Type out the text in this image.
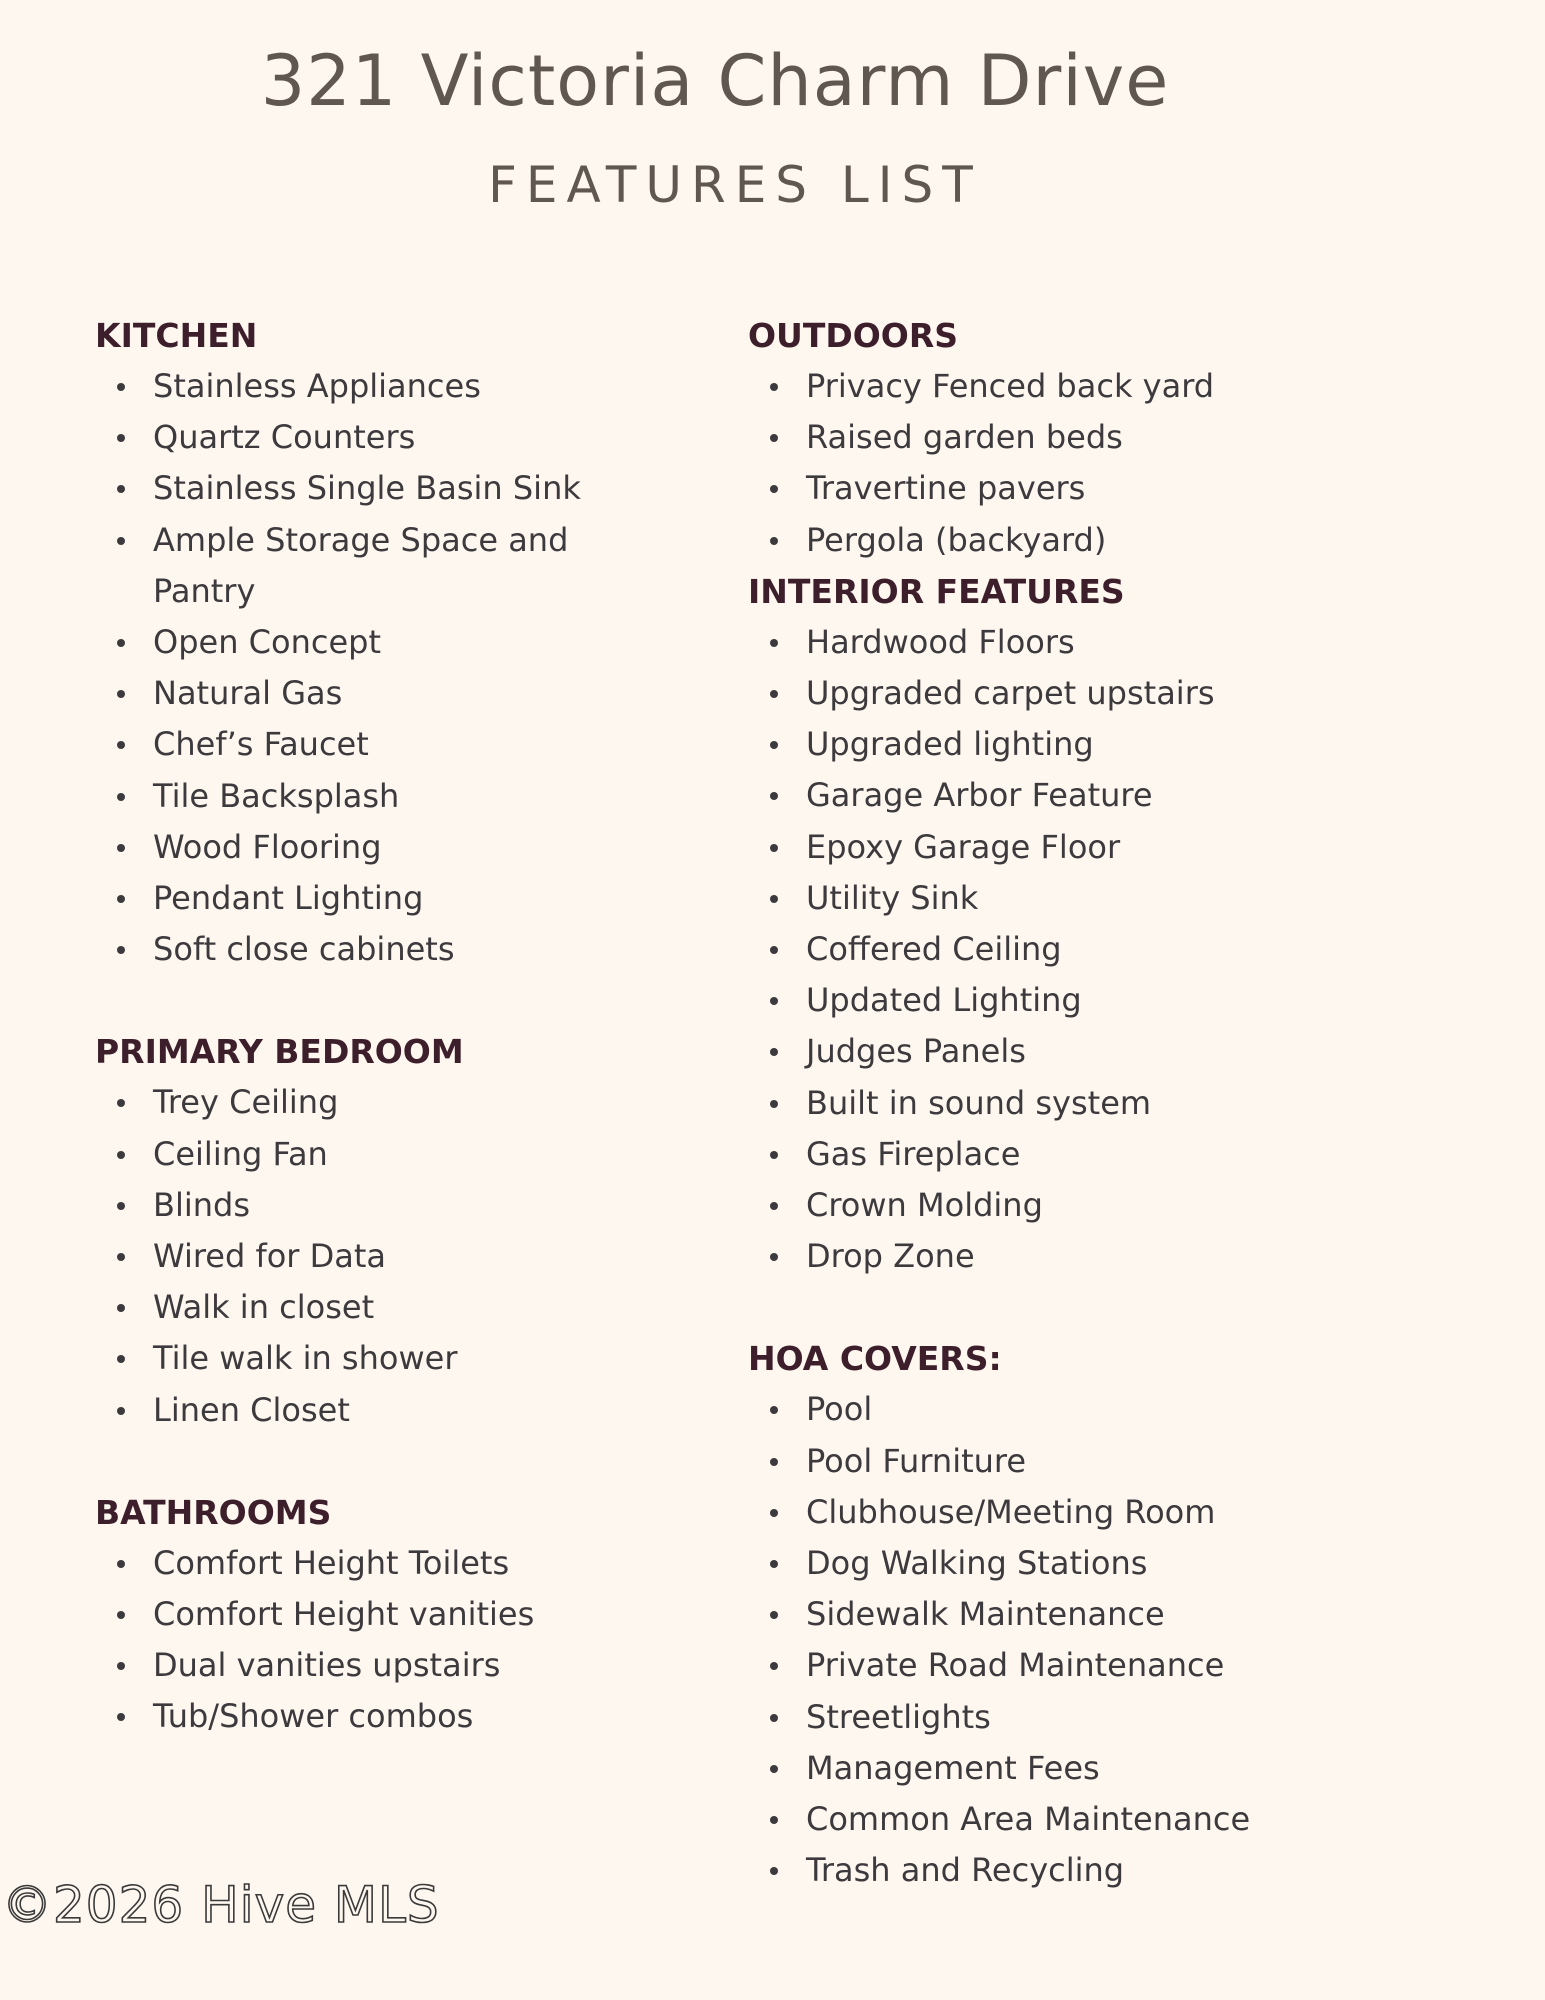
321 Victoria Charm Drive
FEATURES LIST
KITCHEN
Stainless Appliances
Quartz Counters
Stainless Single Basin Sink
Ample Storage Space and Pantry
Open Concept
Natural Gas
Chef’s Faucet
Tile Backsplash
Wood Flooring
Pendant Lighting
Soft close cabinets
PRIMARY BEDROOM
Trey Ceiling
Ceiling Fan
Blinds
Wired for Data
Walk in closet
Tile walk in shower
Linen Closet
BATHROOMS
Comfort Height Toilets
Comfort Height vanities
Dual vanities upstairs
Tub/Shower combos
OUTDOORS
Privacy Fenced back yard
Raised garden beds
Travertine pavers
Pergola (backyard)
INTERIOR FEATURES
Hardwood Floors
Upgraded carpet upstairs
Upgraded lighting
Garage Arbor Feature
Epoxy Garage Floor
Utility Sink
Coffered Ceiling
Updated Lighting
Judges Panels
Built in sound system
Gas Fireplace
Crown Molding
Drop Zone
HOA COVERS:
Pool
Pool Furniture
Clubhouse/Meeting Room
Dog Walking Stations
Sidewalk Maintenance
Private Road Maintenance
Streetlights
Management Fees
Common Area Maintenance
Trash and Recycling
©2026 Hive MLS
